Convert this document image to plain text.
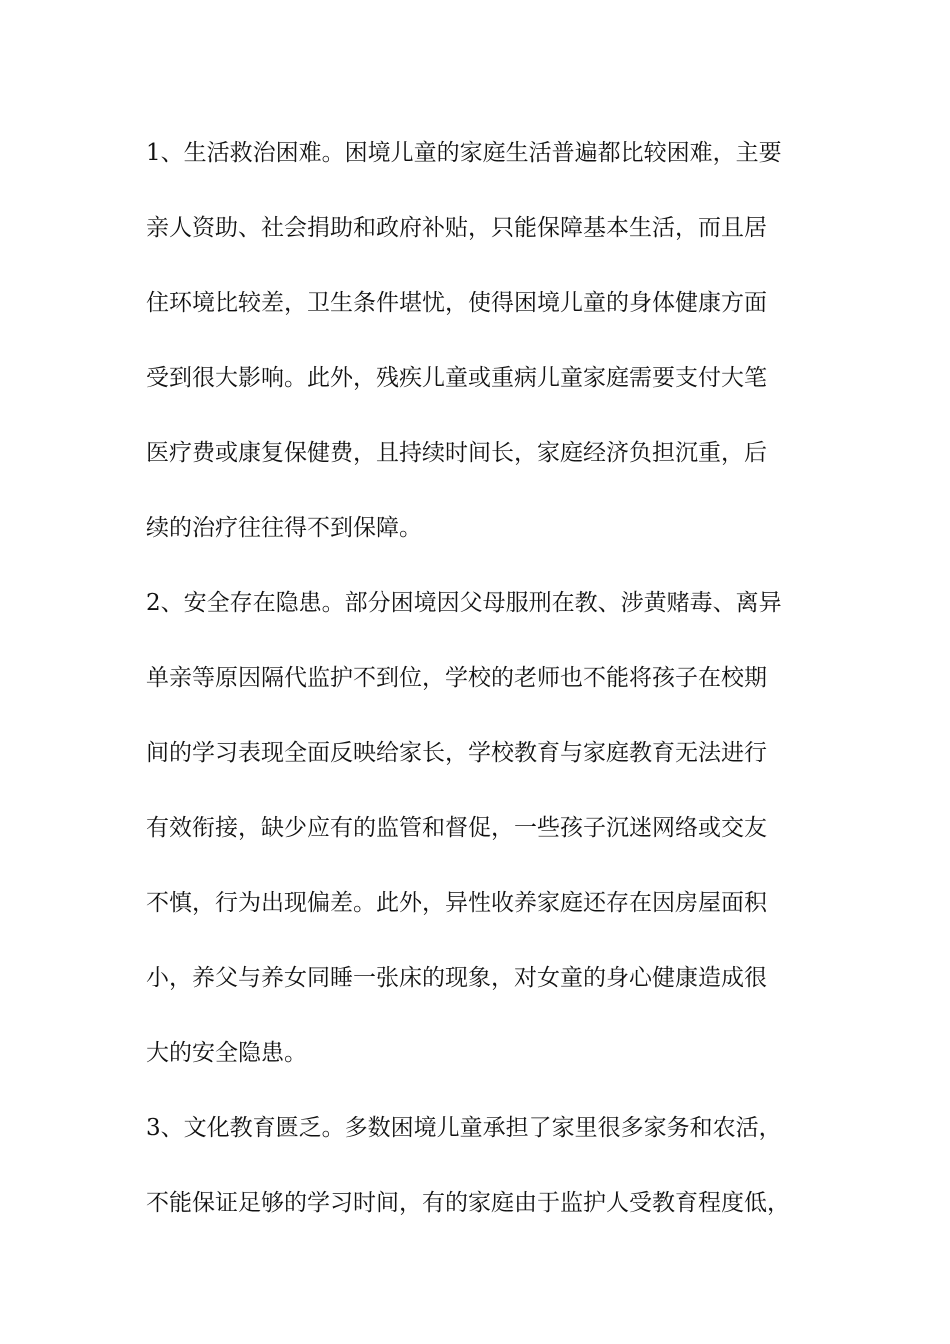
1、生活救治困难。困境儿童的家庭生活普遍都比较困难，主要
亲人资助、社会捐助和政府补贴，只能保障基本生活，而且居
住环境比较差，卫生条件堪忧，使得困境儿童的身体健康方面
受到很大影响。此外，残疾儿童或重病儿童家庭需要支付大笔
医疗费或康复保健费，且持续时间长，家庭经济负担沉重，后
续的治疗往往得不到保障。
2、安全存在隐患。部分困境因父母服刑在教、涉黄赌毒、离异
单亲等原因隔代监护不到位，学校的老师也不能将孩子在校期
间的学习表现全面反映给家长，学校教育与家庭教育无法进行
有效衔接，缺少应有的监管和督促，一些孩子沉迷网络或交友
不慎，行为出现偏差。此外，异性收养家庭还存在因房屋面积
小，养父与养女同睡一张床的现象，对女童的身心健康造成很
大的安全隐患。
3、文化教育匮乏。多数困境儿童承担了家里很多家务和农活，
不能保证足够的学习时间，有的家庭由于监护人受教育程度低，
